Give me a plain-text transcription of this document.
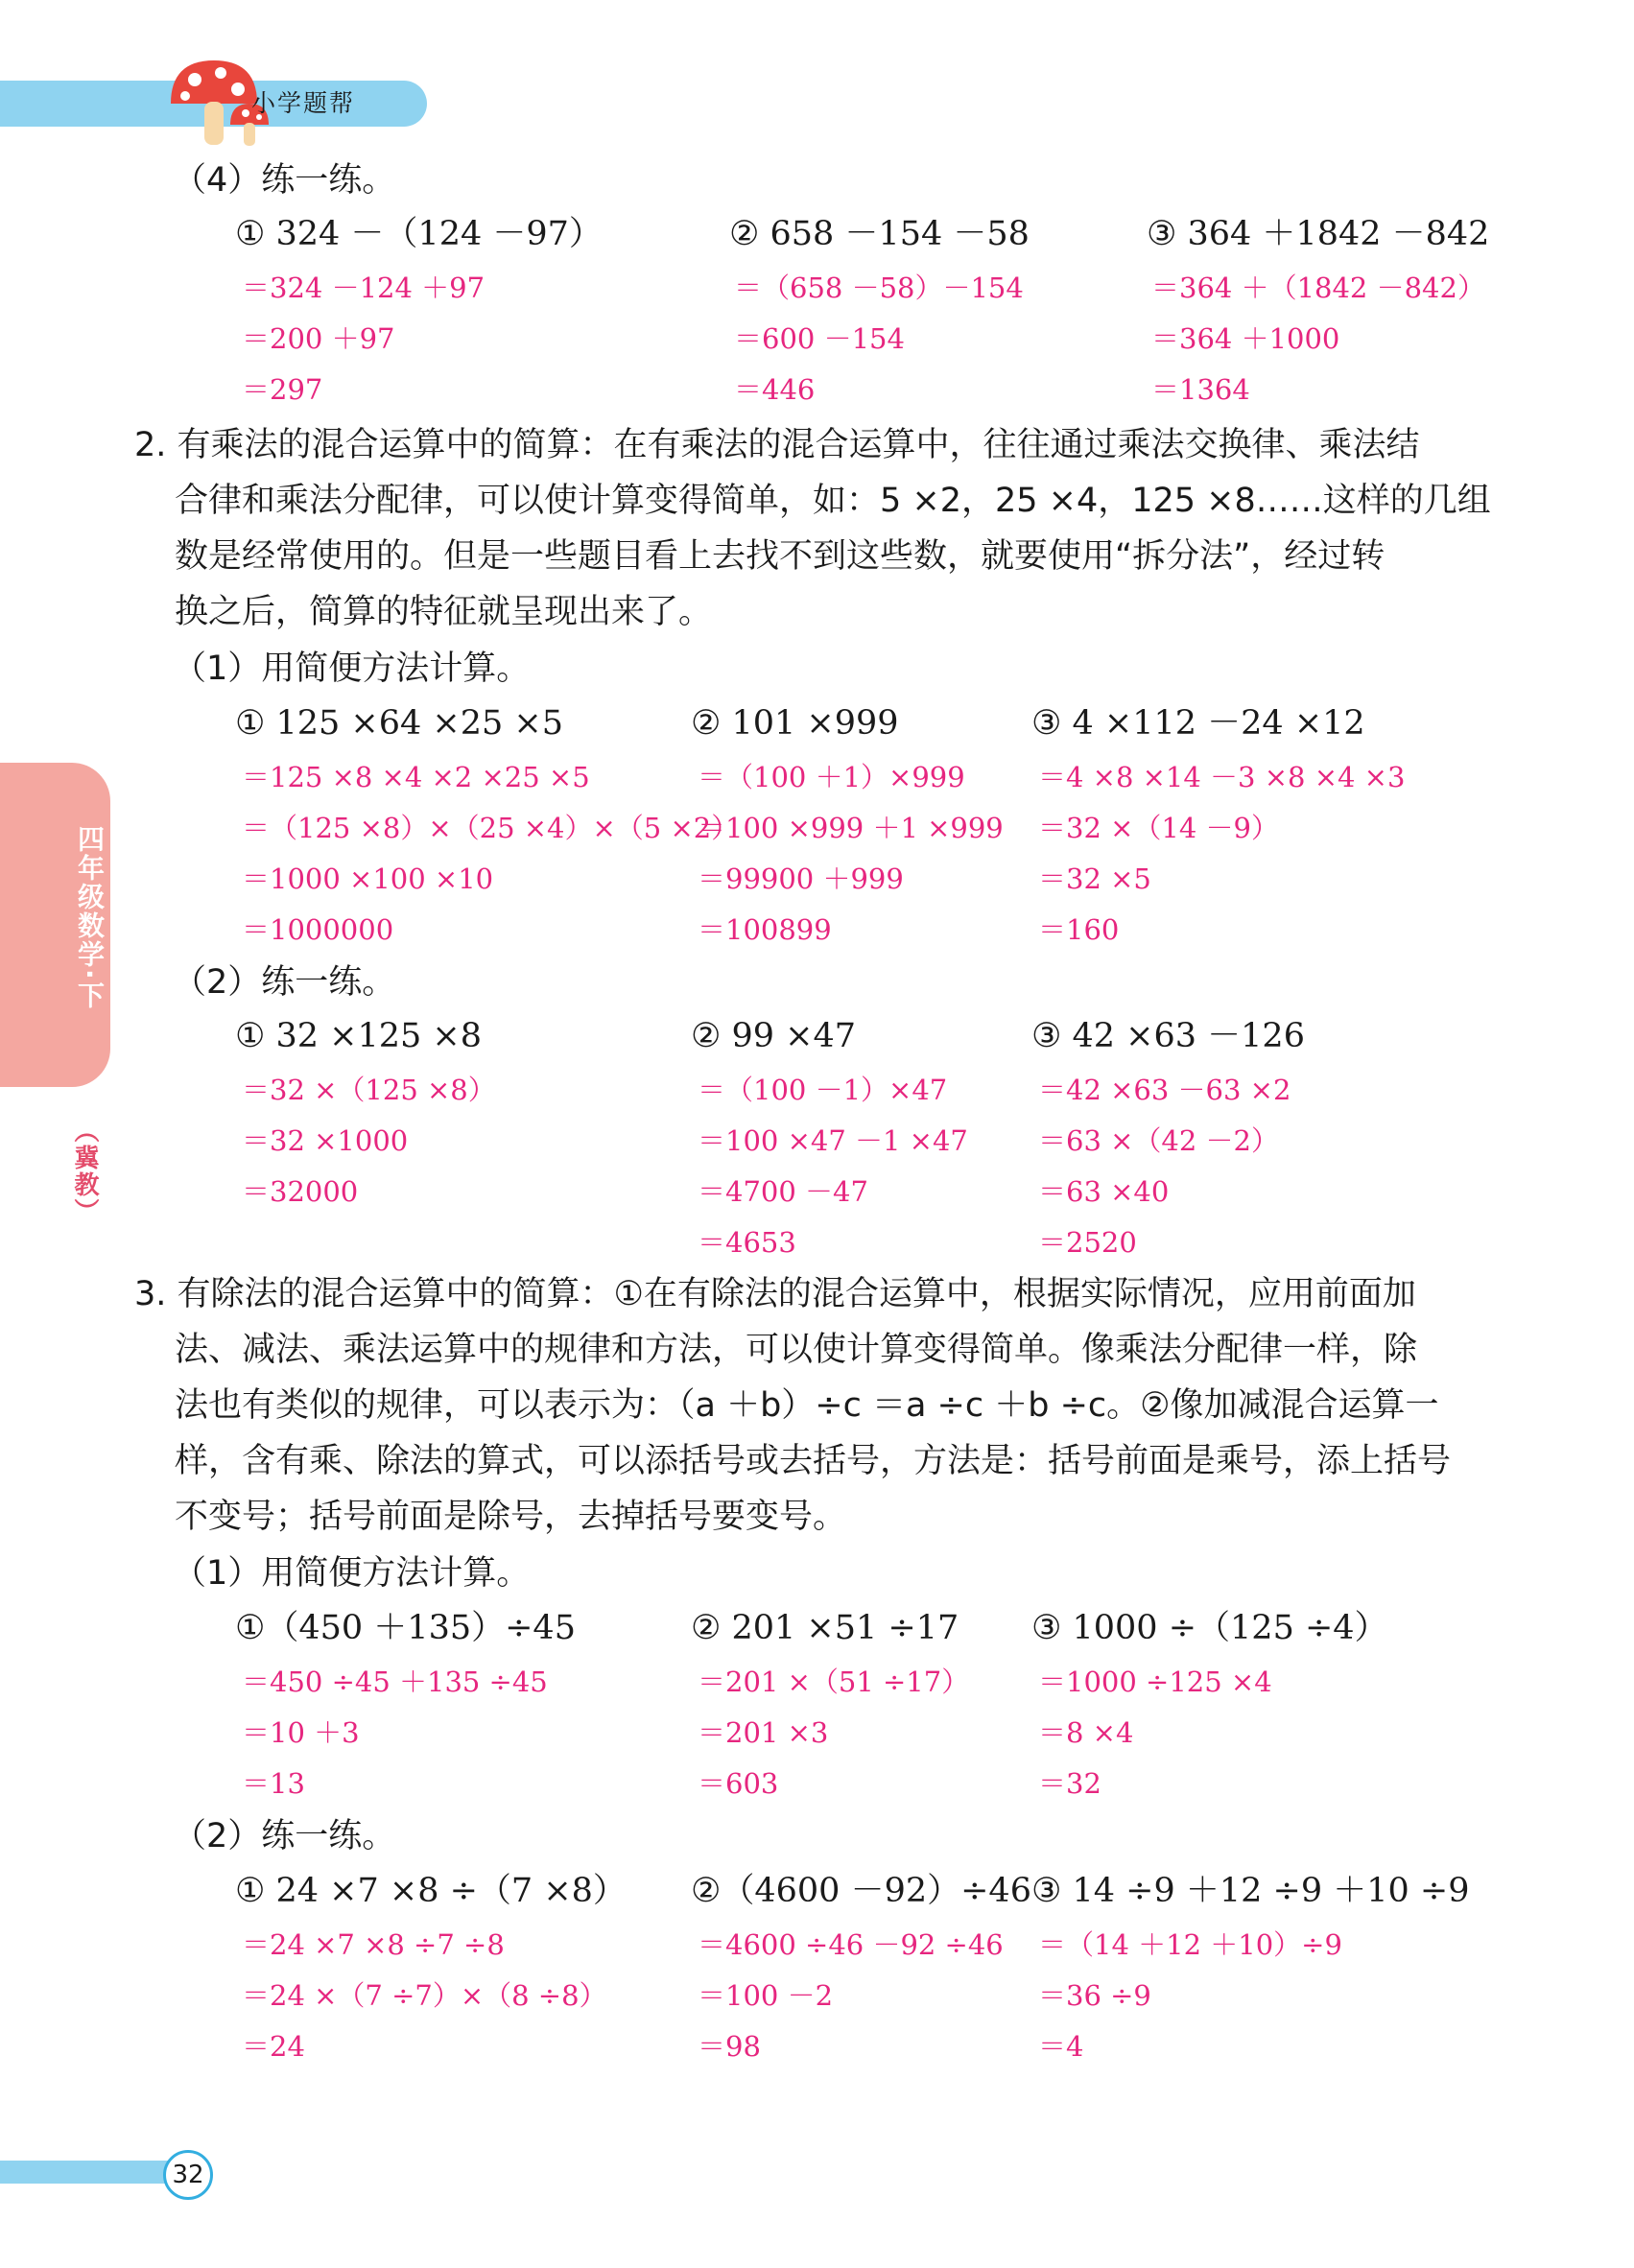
小学题帮
四年级数学·下
（冀教）
（4）练一练。
① 324 －（124 －97）
＝324 －124 ＋97
＝200 ＋97
＝297
② 658 －154 －58
＝（658 －58）－154
＝600 －154
＝446
③ 364 ＋1842 －842
＝364 ＋（1842 －842）
＝364 ＋1000
＝1364
2. 有乘法的混合运算中的简算：在有乘法的混合运算中，往往通过乘法交换律、乘法结
合律和乘法分配律，可以使计算变得简单，如：5 ×2，25 ×4，125 ×8……这样的几组
数是经常使用的。但是一些题目看上去找不到这些数，就要使用“拆分法”，经过转
换之后，简算的特征就呈现出来了。
（1）用简便方法计算。
① 125 ×64 ×25 ×5
＝125 ×8 ×4 ×2 ×25 ×5
＝（125 ×8）×（25 ×4）×（5 ×2）
＝1000 ×100 ×10
＝1000000
② 101 ×999
＝（100 ＋1）×999
＝100 ×999 ＋1 ×999
＝99900 ＋999
＝100899
③ 4 ×112 －24 ×12
＝4 ×8 ×14 －3 ×8 ×4 ×3
＝32 ×（14 －9）
＝32 ×5
＝160
（2）练一练。
① 32 ×125 ×8
＝32 ×（125 ×8）
＝32 ×1000
＝32000
② 99 ×47
＝（100 －1）×47
＝100 ×47 －1 ×47
＝4700 －47
＝4653
③ 42 ×63 －126
＝42 ×63 －63 ×2
＝63 ×（42 －2）
＝63 ×40
＝2520
3. 有除法的混合运算中的简算：①在有除法的混合运算中，根据实际情况，应用前面加
法、减法、乘法运算中的规律和方法，可以使计算变得简单。像乘法分配律一样，除
法也有类似的规律，可以表示为：（a ＋b）÷c ＝a ÷c ＋b ÷c。②像加减混合运算一
样，含有乘、除法的算式，可以添括号或去括号，方法是：括号前面是乘号，添上括号
不变号；括号前面是除号，去掉括号要变号。
（1）用简便方法计算。
①（450 ＋135）÷45
＝450 ÷45 ＋135 ÷45
＝10 ＋3
＝13
② 201 ×51 ÷17
＝201 ×（51 ÷17）
＝201 ×3
＝603
③ 1000 ÷（125 ÷4）
＝1000 ÷125 ×4
＝8 ×4
＝32
（2）练一练。
① 24 ×7 ×8 ÷（7 ×8）
＝24 ×7 ×8 ÷7 ÷8
＝24 ×（7 ÷7）×（8 ÷8）
＝24
②（4600 －92）÷46
＝4600 ÷46 －92 ÷46
＝100 －2
＝98
③ 14 ÷9 ＋12 ÷9 ＋10 ÷9
＝（14 ＋12 ＋10）÷9
＝36 ÷9
＝4
32
